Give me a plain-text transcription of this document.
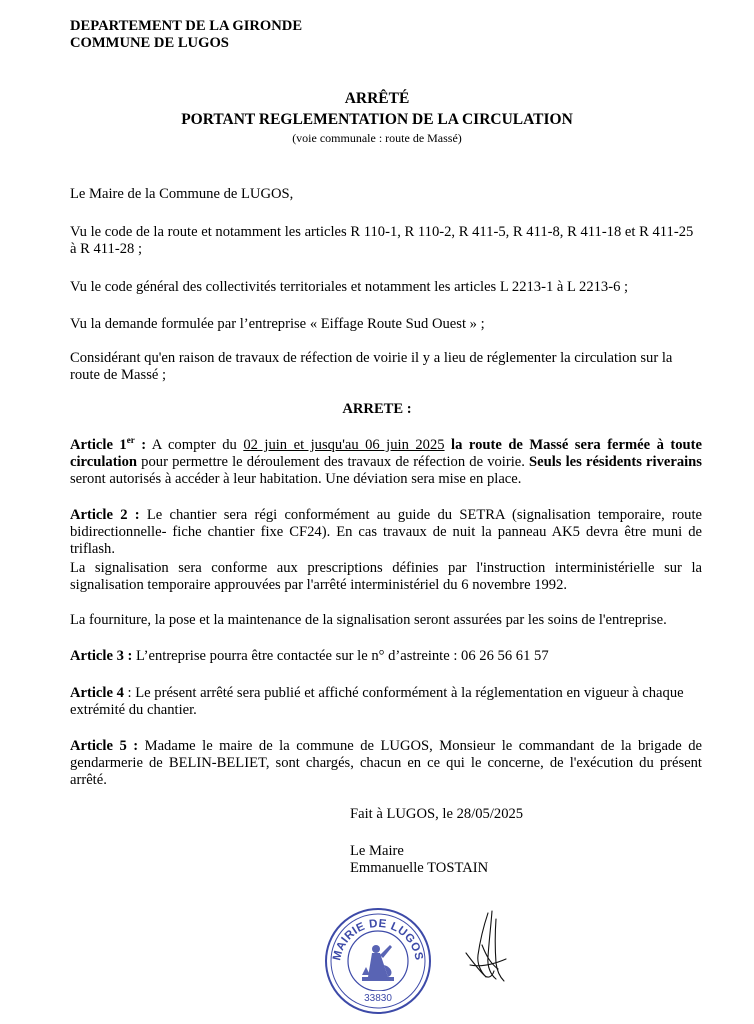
DEPARTEMENT DE LA GIRONDE
COMMUNE DE LUGOS
ARRÊTÉ
PORTANT REGLEMENTATION DE LA CIRCULATION
(voie communale : route de Massé)
Le Maire de la Commune de LUGOS,
Vu le code de la route et notamment les articles R 110-1, R 110-2, R 411-5, R 411-8, R 411-18 et R 411-25 à R 411-28 ;
Vu le code général des collectivités territoriales et notamment les articles L 2213-1 à L 2213-6 ;
Vu la demande formulée par l’entreprise « Eiffage Route Sud Ouest » ;
Considérant qu'en raison de travaux de réfection de voirie il y a lieu de réglementer la circulation sur la route de Massé ;
ARRETE :
Article 1er : A compter du 02 juin et jusqu'au 06 juin 2025 la route de Massé sera fermée à toute circulation pour permettre le déroulement des travaux de réfection de voirie. Seuls les résidents riverains seront autorisés à accéder à leur habitation. Une déviation sera mise en place.
Article 2 : Le chantier sera régi conformément au guide du SETRA (signalisation temporaire, route bidirectionnelle- fiche chantier fixe CF24). En cas travaux de nuit la panneau AK5 devra être muni de triflash.
La signalisation sera conforme aux prescriptions définies par l'instruction interministérielle sur la signalisation temporaire approuvées par l'arrêté interministériel du 6 novembre 1992.
La fourniture, la pose et la maintenance de la signalisation seront assurées par les soins de l'entreprise.
Article 3 : L’entreprise pourra être contactée sur le n° d’astreinte : 06 26 56 61 57
Article 4 : Le présent arrêté sera publié et affiché conformément à la réglementation en vigueur à chaque extrémité du chantier.
Article 5 : Madame le maire de la commune de LUGOS, Monsieur le commandant de la brigade de gendarmerie de BELIN-BELIET, sont chargés, chacun en ce qui le concerne, de l'exécution du présent arrêté.
Fait à LUGOS, le 28/05/2025
Le Maire
Emmanuelle TOSTAIN
MAIRIE DE LUGOS
33830
